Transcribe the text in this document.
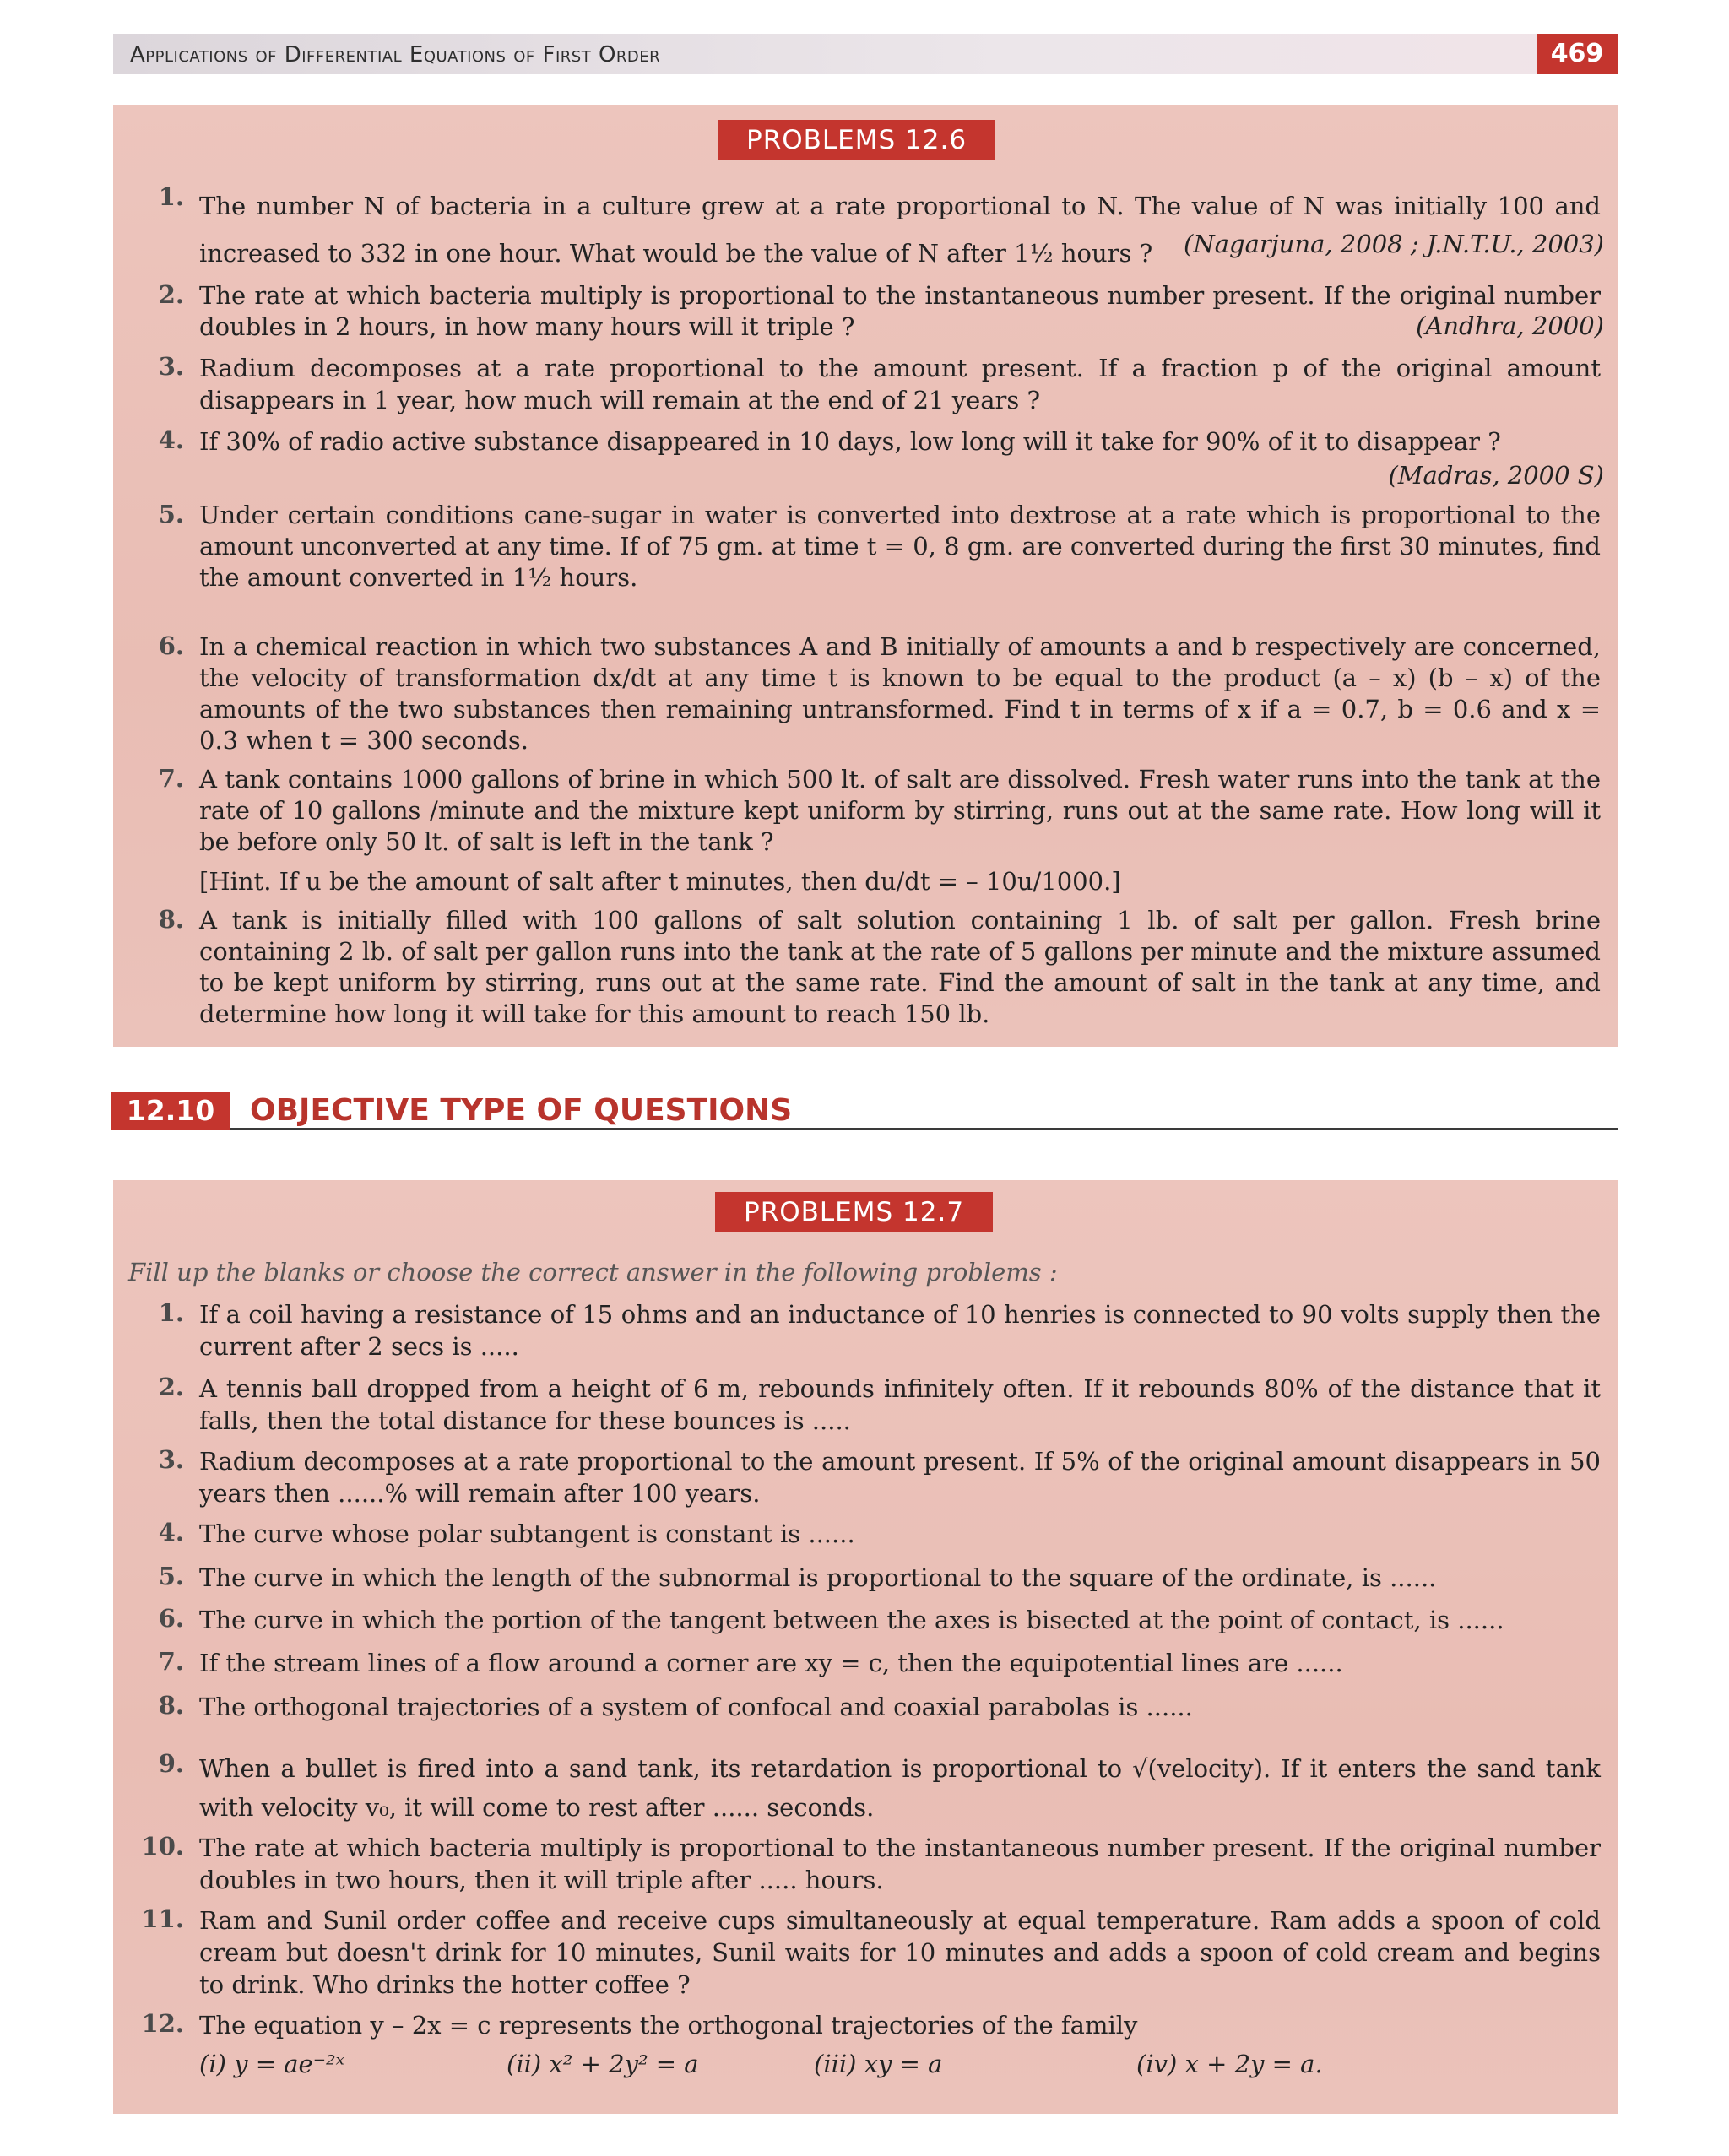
Applications of Differential Equations of First Order	469
PROBLEMS 12.6
1. The number N of bacteria in a culture grew at a rate proportional to N. The value of N was initially 100 and increased to 332 in one hour. What would be the value of N after 1½ hours ?	(Nagarjuna, 2008 ; J.N.T.U., 2003)
2. The rate at which bacteria multiply is proportional to the instantaneous number present. If the original number doubles in 2 hours, in how many hours will it triple ?	(Andhra, 2000)
3. Radium decomposes at a rate proportional to the amount present. If a fraction p of the original amount disappears in 1 year, how much will remain at the end of 21 years ?
4. If 30% of radio active substance disappeared in 10 days, low long will it take for 90% of it to disappear ?
(Madras, 2000 S)
5. Under certain conditions cane-sugar in water is converted into dextrose at a rate which is proportional to the amount unconverted at any time. If of 75 gm. at time t = 0, 8 gm. are converted during the first 30 minutes, find the amount converted in 1½ hours.
6. In a chemical reaction in which two substances A and B initially of amounts a and b respectively are concerned, the velocity of transformation dx/dt at any time t is known to be equal to the product (a – x) (b – x) of the amounts of the two substances then remaining untransformed. Find t in terms of x if a = 0.7, b = 0.6 and x = 0.3 when t = 300 seconds.
7. A tank contains 1000 gallons of brine in which 500 lt. of salt are dissolved. Fresh water runs into the tank at the rate of 10 gallons /minute and the mixture kept uniform by stirring, runs out at the same rate. How long will it be before only 50 lt. of salt is left in the tank ?
[Hint. If u be the amount of salt after t minutes, then du/dt = – 10u/1000.]
8. A tank is initially filled with 100 gallons of salt solution containing 1 lb. of salt per gallon. Fresh brine containing 2 lb. of salt per gallon runs into the tank at the rate of 5 gallons per minute and the mixture assumed to be kept uniform by stirring, runs out at the same rate. Find the amount of salt in the tank at any time, and determine how long it will take for this amount to reach 150 lb.
12.10	OBJECTIVE TYPE OF QUESTIONS
PROBLEMS 12.7
Fill up the blanks or choose the correct answer in the following problems :
1. If a coil having a resistance of 15 ohms and an inductance of 10 henries is connected to 90 volts supply then the current after 2 secs is .....
2. A tennis ball dropped from a height of 6 m, rebounds infinitely often. If it rebounds 80% of the distance that it falls, then the total distance for these bounces is .....
3. Radium decomposes at a rate proportional to the amount present. If 5% of the original amount disappears in 50 years then ......% will remain after 100 years.
4. The curve whose polar subtangent is constant is ......
5. The curve in which the length of the subnormal is proportional to the square of the ordinate, is ......
6. The curve in which the portion of the tangent between the axes is bisected at the point of contact, is ......
7. If the stream lines of a flow around a corner are xy = c, then the equipotential lines are ......
8. The orthogonal trajectories of a system of confocal and coaxial parabolas is ......
9. When a bullet is fired into a sand tank, its retardation is proportional to √(velocity). If it enters the sand tank with velocity v₀, it will come to rest after ...... seconds.
10. The rate at which bacteria multiply is proportional to the instantaneous number present. If the original number doubles in two hours, then it will triple after ..... hours.
11. Ram and Sunil order coffee and receive cups simultaneously at equal temperature. Ram adds a spoon of cold cream but doesn't drink for 10 minutes, Sunil waits for 10 minutes and adds a spoon of cold cream and begins to drink. Who drinks the hotter coffee ?
12. The equation y – 2x = c represents the orthogonal trajectories of the family
(i) y = ae⁻²ˣ	(ii) x² + 2y² = a	(iii) xy = a	(iv) x + 2y = a.
